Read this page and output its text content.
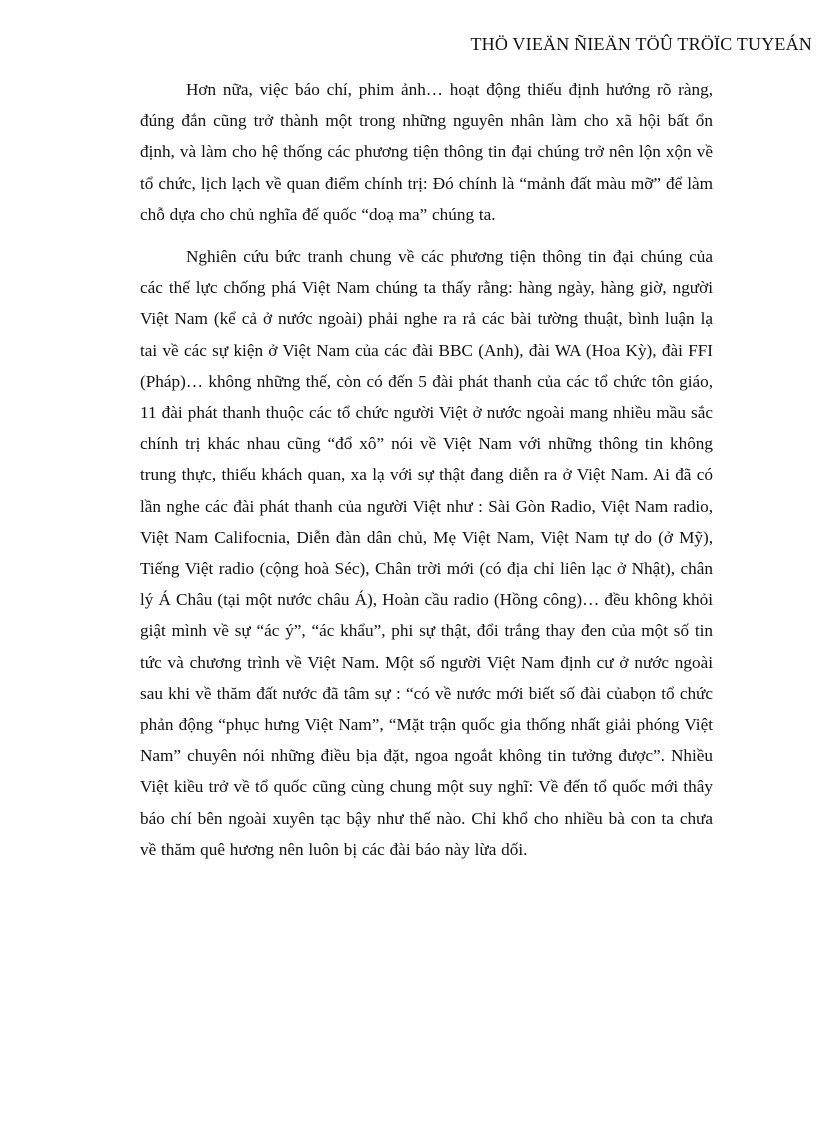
THÖ VIEÄN ÑIEÄN TÖÛ TRÖÏC TUYEÁN

Hơn nữa, việc báo chí, phim ảnh… hoạt động thiếu định hướng rõ ràng, đúng đắn cũng trở thành một trong những nguyên nhân làm cho xã hội bất ổn định, và làm cho hệ thống các phương tiện thông tin đại chúng trở nên lộn xộn về tổ chức, lịch lạch về quan điểm chính trị: Đó chính là “mảnh đất màu mỡ” để làm chỗ dựa cho chủ nghĩa đế quốc “doạ ma” chúng ta.

Nghiên cứu bức tranh chung về các phương tiện thông tin đại chúng của các thế lực chống phá Việt Nam chúng ta thấy rằng: hàng ngày, hàng giờ, người Việt Nam (kể cả ở nước ngoài) phải nghe ra rả các bài tường thuật, bình luận lạ tai về các sự kiện ở Việt Nam của các đài BBC (Anh), đài WA (Hoa Kỳ), đài FFI (Pháp)… không những thế, còn có đến 5 đài phát thanh của các tổ chức tôn giáo, 11 đài phát thanh thuộc các tổ chức người Việt ở nước ngoài mang nhiều mầu sắc chính trị khác nhau cũng “đổ xô” nói về Việt Nam với những thông tin không trung thực, thiếu khách quan, xa lạ với sự thật đang diễn ra ở Việt Nam. Ai đã có lần nghe các đài phát thanh của người Việt như : Sài Gòn Radio, Việt Nam radio, Việt Nam Califocnia, Diễn đàn dân chủ, Mẹ Việt Nam, Việt Nam tự do (ở Mỹ), Tiếng Việt radio (cộng hoà Séc), Chân trời mới (có địa chỉ liên lạc ở Nhật), chân lý Á Châu (tại một nước châu Á), Hoàn cầu radio (Hồng công)… đều không khỏi giật mình về sự “ác ý”, “ác khẩu”, phi sự thật, đổi trắng thay đen của một số tin tức và chương trình về Việt Nam. Một số người Việt Nam định cư ở nước ngoài sau khi về thăm đất nước đã tâm sự : “có về nước mới biết số đài củabọn tổ chức phản động “phục hưng Việt Nam”, “Mặt trận quốc gia thống nhất giải phóng Việt Nam” chuyên nói những điều bịa đặt, ngoa ngoắt không tin tưởng được”. Nhiều Việt kiều trở về tổ quốc cũng cùng chung một suy nghĩ: Về đến tổ quốc mới thây báo chí bên ngoài xuyên tạc bậy như thế nào. Chỉ khổ cho nhiều bà con ta chưa về thăm quê hương nên luôn bị các đài báo này lừa dối.
